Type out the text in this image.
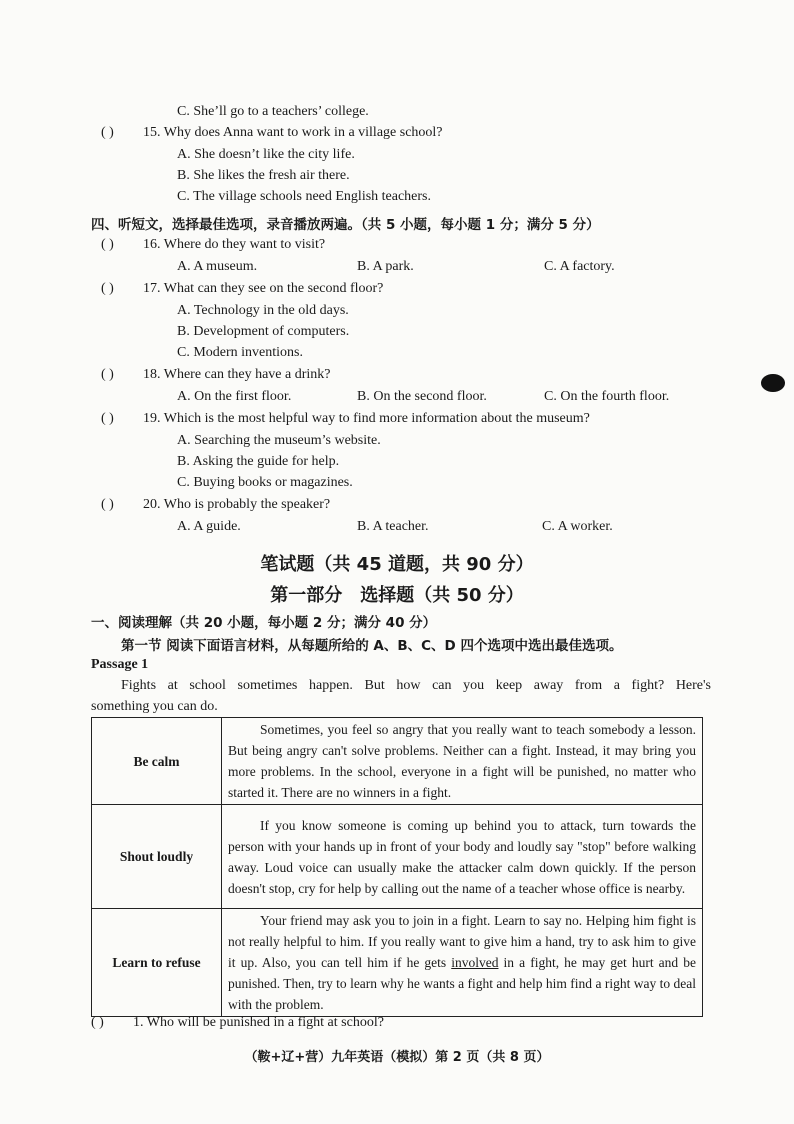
C. She’ll go to a teachers’ college.
( ) 15. Why does Anna want to work in a village school?
A. She doesn’t like the city life.
B. She likes the fresh air there.
C. The village schools need English teachers.
四、听短文，选择最佳选项，录音播放两遍。（共 5 小题，每小题 1 分；满分 5 分）
( ) 16. Where do they want to visit?
A. A museum.	B. A park.	C. A factory.
( ) 17. What can they see on the second floor?
A. Technology in the old days.
B. Development of computers.
C. Modern inventions.
( ) 18. Where can they have a drink?
A. On the first floor.	B. On the second floor.	C. On the fourth floor.
( ) 19. Which is the most helpful way to find more information about the museum?
A. Searching the museum’s website.
B. Asking the guide for help.
C. Buying books or magazines.
( ) 20. Who is probably the speaker?
A. A guide.	B. A teacher.	C. A worker.
笔试题（共 45 道题，共 90 分）
第一部分　选择题（共 50 分）
一、阅读理解（共 20 小题，每小题 2 分；满分 40 分）
第一节 阅读下面语言材料，从每题所给的 A、B、C、D 四个选项中选出最佳选项。
Passage 1
Fights at school sometimes happen. But how can you keep away from a fight? Here's
something you can do.
Be calm	Sometimes, you feel so angry that you really want to teach somebody a lesson. But being angry can't solve problems. Neither can a fight. Instead, it may bring you more problems. In the school, everyone in a fight will be punished, no matter who started it. There are no winners in a fight.
Shout loudly	If you know someone is coming up behind you to attack, turn towards the person with your hands up in front of your body and loudly say "stop" before walking away. Loud voice can usually make the attacker calm down quickly. If the person doesn't stop, cry for help by calling out the name of a teacher whose office is nearby.
Learn to refuse	Your friend may ask you to join in a fight. Learn to say no. Helping him fight is not really helpful to him. If you really want to give him a hand, try to ask him to give it up. Also, you can tell him if he gets involved in a fight, he may get hurt and be punished. Then, try to learn why he wants a fight and help him find a right way to deal with the problem.
( ) 1. Who will be punished in a fight at school?
（鞍+辽+营）九年英语（模拟）第 2 页（共 8 页）
